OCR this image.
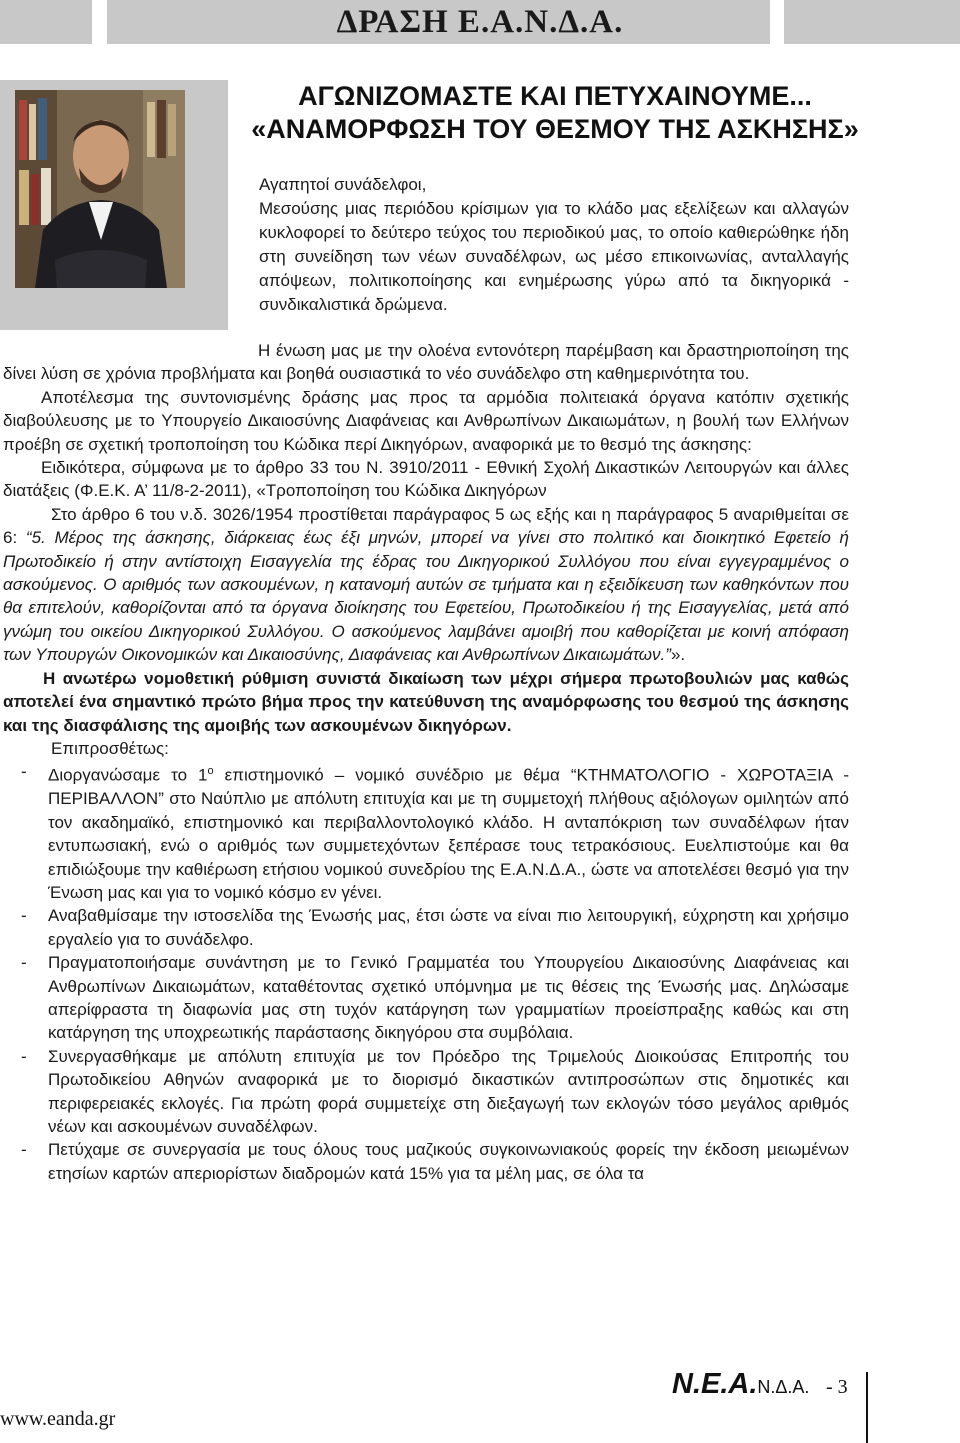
ΔΡΑΣΗ Ε.Α.Ν.Δ.Α.
ΑΓΩΝΙΖΟΜΑΣΤΕ ΚΑΙ ΠΕΤΥΧΑΙΝΟΥΜΕ...
«ΑΝΑΜΟΡΦΩΣΗ ΤΟΥ ΘΕΣΜΟΥ ΤΗΣ ΑΣΚΗΣΗΣ»

Αγαπητοί συνάδελφοι,

Μεσούσης μιας περιόδου κρίσιμων για το κλάδο μας εξελίξεων και αλλαγών κυκλοφορεί το δεύτερο τεύχος του περιοδικού μας, το οποίο καθιερώθηκε ήδη στη συνείδηση των νέων συναδέλφων, ως μέσο επικοινωνίας, ανταλλαγής απόψεων, πολιτικοποίησης και ενημέρωσης γύρω από τα δικηγορικά - συνδικαλιστικά δρώμενα.

Η ένωση μας με την ολοένα εντονότερη παρέμβαση και δραστηριοποίηση της δίνει λύση σε χρόνια προβλήματα και βοηθά ουσιαστικά το νέο συνάδελφο στη καθημερινότητα του.

Αποτέλεσμα της συντονισμένης δράσης μας προς τα αρμόδια πολιτειακά όργανα κατόπιν σχετικής διαβούλευσης με το Υπουργείο Δικαιοσύνης Διαφάνειας και Ανθρωπίνων Δικαιωμάτων, η βουλή των Ελλήνων προέβη σε σχετική τροποποίηση του Κώδικα περί Δικηγόρων, αναφορικά με το θεσμό της άσκησης:

Ειδικότερα, σύμφωνα με το άρθρο 33 του Ν. 3910/2011 - Εθνική Σχολή Δικαστικών Λειτουργών και άλλες διατάξεις (Φ.Ε.Κ. Α’ 11/8-2-2011), «Τροποποίηση του Κώδικα Δικηγόρων

Στο άρθρο 6 του ν.δ. 3026/1954 προστίθεται παράγραφος 5 ως εξής και η παράγραφος 5 αναριθμείται σε 6: “5. Μέρος της άσκησης, διάρκειας έως έξι μηνών, μπορεί να γίνει στο πολιτικό και διοικητικό Εφετείο ή Πρωτοδικείο ή στην αντίστοιχη Εισαγγελία της έδρας του Δικηγορικού Συλλόγου που είναι εγγεγραμμένος ο ασκούμενος. Ο αριθμός των ασκουμένων, η κατανομή αυτών σε τμήματα και η εξειδίκευση των καθηκόντων που θα επιτελούν, καθορίζονται από τα όργανα διοίκησης του Εφετείου, Πρωτοδικείου ή της Εισαγγελίας, μετά από γνώμη του οικείου Δικηγορικού Συλλόγου. Ο ασκούμενος λαμβάνει αμοιβή που καθορίζεται με κοινή απόφαση των Υπουργών Οικονομικών και Δικαιοσύνης, Διαφάνειας και Ανθρωπίνων Δικαιωμάτων.”».

Η ανωτέρω νομοθετική ρύθμιση συνιστά δικαίωση των μέχρι σήμερα πρωτοβουλιών μας καθώς αποτελεί ένα σημαντικό πρώτο βήμα προς την κατεύθυνση της αναμόρφωσης του θεσμού της άσκησης και της διασφάλισης της αμοιβής των ασκουμένων δικηγόρων.

Επιπροσθέτως:

- Διοργανώσαμε το $1^o$ επιστημονικό – νομικό συνέδριο με θέμα “ΚΤΗΜΑΤΟΛΟΓΙΟ - ΧΩΡΟΤΑΞΙΑ - ΠΕΡΙΒΑΛΛΟΝ” στο Ναύπλιο με απόλυτη επιτυχία και με τη συμμετοχή πλήθους αξιόλογων ομιλητών από τον ακαδημαϊκό, επιστημονικό και περιβαλλοντολογικό κλάδο. Η ανταπόκριση των συναδέλφων ήταν εντυπωσιακή, ενώ ο αριθμός των συμμετεχόντων ξεπέρασε τους τετρακόσιους. Ευελπιστούμε και θα επιδιώξουμε την καθιέρωση ετήσιου νομικού συνεδρίου της Ε.Α.Ν.Δ.Α., ώστε να αποτελέσει θεσμό για την Ένωση μας και για το νομικό κόσμο εν γένει.
- Αναβαθμίσαμε την ιστοσελίδα της Ένωσής μας, έτσι ώστε να είναι πιο λειτουργική, εύχρηστη και χρήσιμο εργαλείο για το συνάδελφο.
- Πραγματοποιήσαμε συνάντηση με το Γενικό Γραμματέα του Υπουργείου Δικαιοσύνης Διαφάνειας και Ανθρωπίνων Δικαιωμάτων, καταθέτοντας σχετικό υπόμνημα με τις θέσεις της Ένωσής μας. Δηλώσαμε απερίφραστα τη διαφωνία μας στη τυχόν κατάργηση των γραμματίων προείσπραξης καθώς και στη κατάργηση της υποχρεωτικής παράστασης δικηγόρου στα συμβόλαια.
- Συνεργασθήκαμε με απόλυτη επιτυχία με τον Πρόεδρο της Τριμελούς Διοικούσας Επιτροπής του Πρωτοδικείου Αθηνών αναφορικά με το διορισμό δικαστικών αντιπροσώπων στις δημοτικές και περιφερειακές εκλογές. Για πρώτη φορά συμμετείχε στη διεξαγωγή των εκλογών τόσο μεγάλος αριθμός νέων και ασκουμένων συναδέλφων.
- Πετύχαμε σε συνεργασία με τους όλους τους μαζικούς συγκοινωνιακούς φορείς την έκδοση μειωμένων ετησίων καρτών απεριορίστων διαδρομών κατά 15% για τα μέλη μας, σε όλα τα
Ν.Ε.Α.Ν.Δ.Α. - 3
www.eanda.gr
